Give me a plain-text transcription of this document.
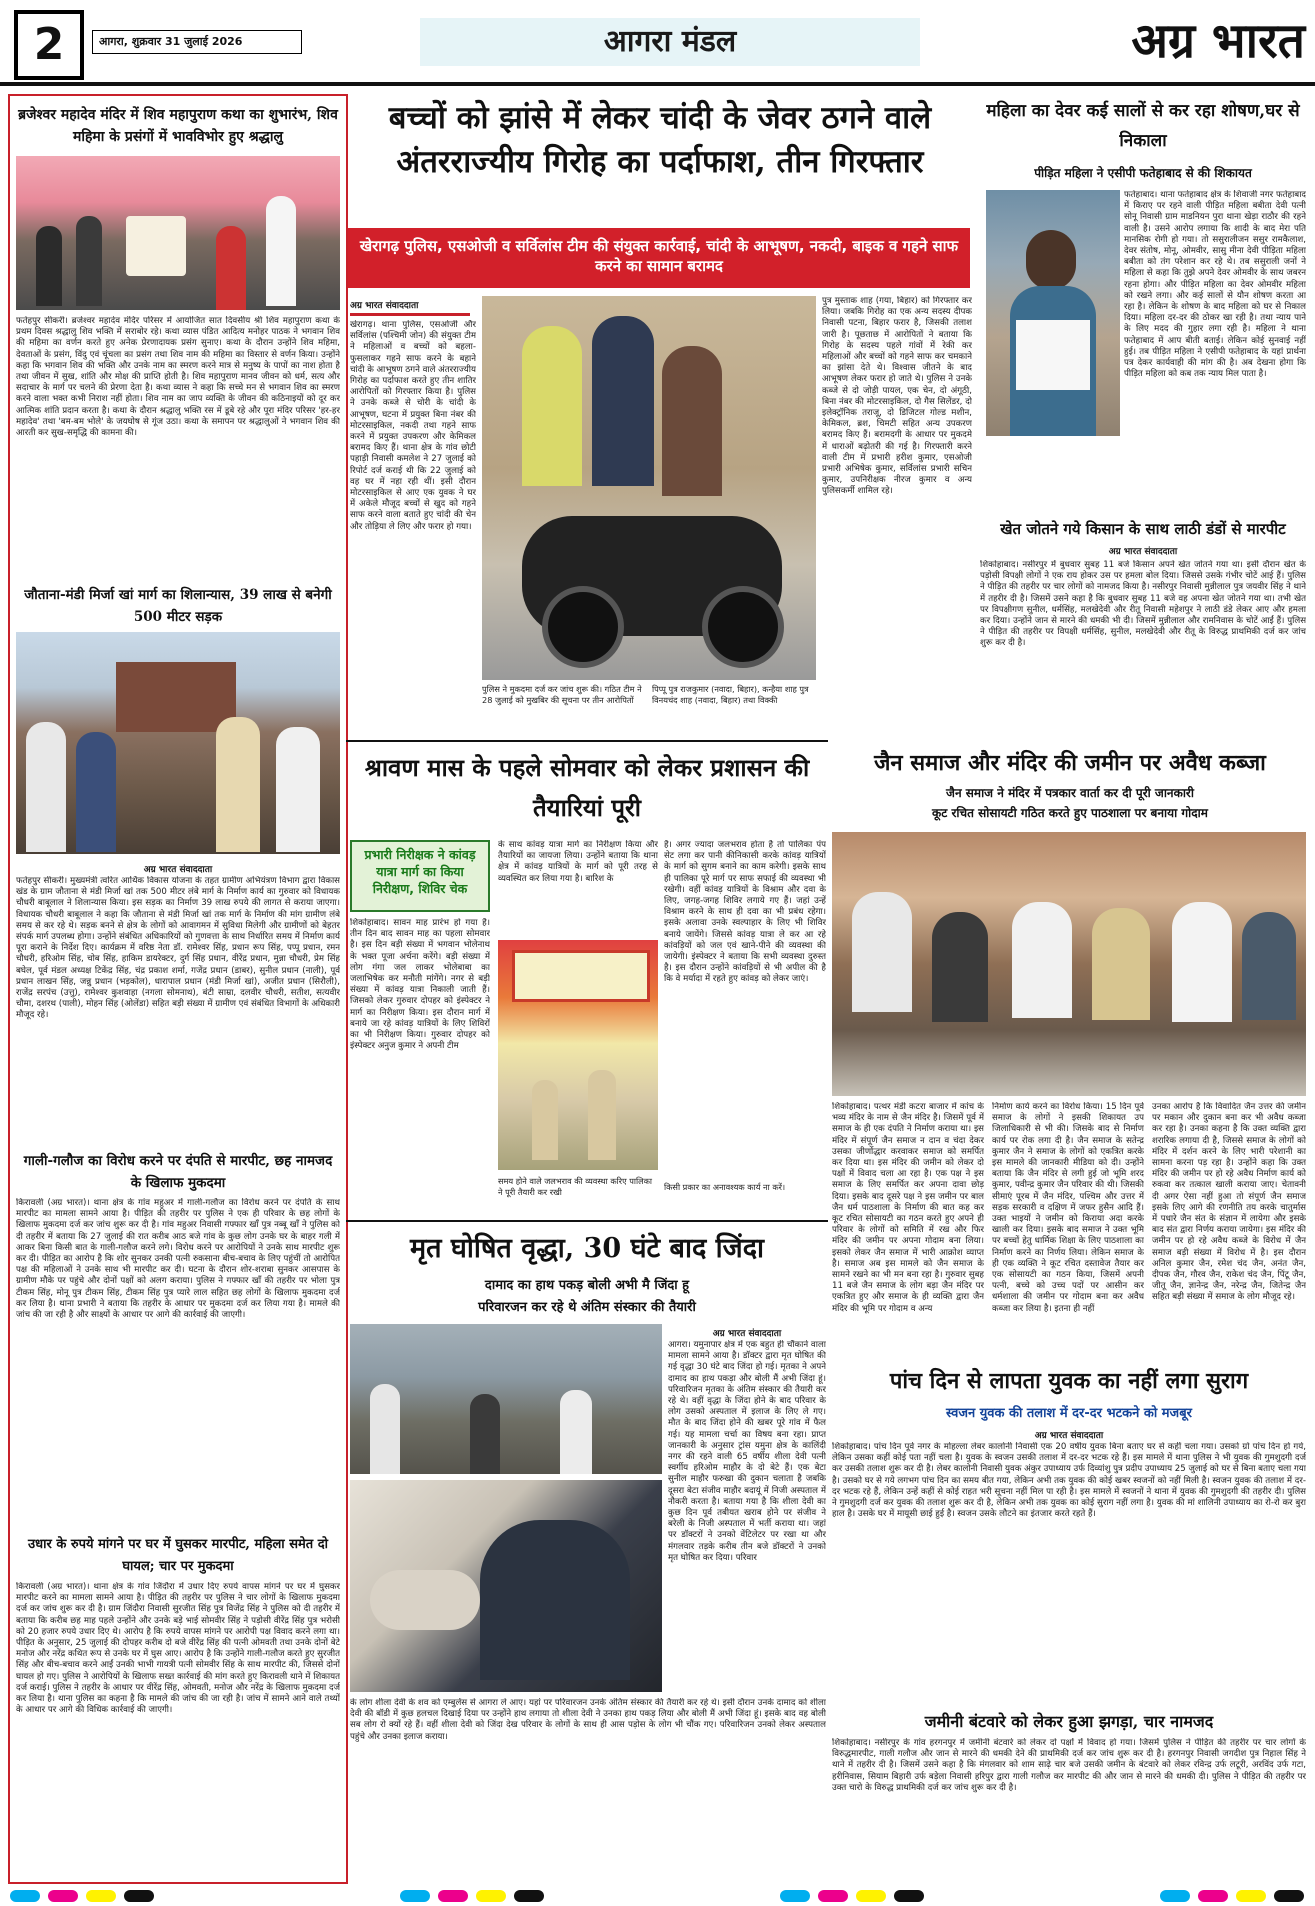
2	आगरा, शुक्रवार 31 जुलाई 2026	आगरा मंडल	अग्र भारत
ब्रजेश्वर महादेव मंदिर में शिव महापुराण कथा का शुभारंभ, शिव महिमा के प्रसंगों में भावविभोर हुए श्रद्धालु
फतेहपुर सीकरी। ब्रजेश्वर महादेव मंदिर परिसर में आयोजित सात दिवसीय श्री शिव महापुराण कथा के प्रथम दिवस श्रद्धालु शिव भक्ति में सराबोर रहे। कथा व्यास पंडित आदित्य मनोहर पाठक ने भगवान शिव की महिमा का वर्णन करते हुए अनेक प्रेरणादायक प्रसंग सुनाए। कथा के दौरान उन्होंने शिव महिमा, देवताओं के प्रसंग, विंदु एवं चूंचला का प्रसंग तथा शिव नाम की महिमा का विस्तार से वर्णन किया। उन्होंने कहा कि भगवान शिव की भक्ति और उनके नाम का स्मरण करने मात्र से मनुष्य के पापों का नाश होता है तथा जीवन में सुख, शांति और मोक्ष की प्राप्ति होती है। शिव महापुराण मानव जीवन को धर्म, सत्य और सदाचार के मार्ग पर चलने की प्रेरणा देता है। कथा व्यास ने कहा कि सच्चे मन से भगवान शिव का स्मरण करने वाला भक्त कभी निराश नहीं होता। शिव नाम का जाप व्यक्ति के जीवन की कठिनाइयों को दूर कर आत्मिक शांति प्रदान करता है। कथा के दौरान श्रद्धालु भक्ति रस में डूबे रहे और पूरा मंदिर परिसर 'हर-हर महादेव' तथा 'बम-बम भोले' के जयघोष से गूंज उठा। कथा के समापन पर श्रद्धालुओं ने भगवान शिव की आरती कर सुख-समृद्धि की कामना की।
जौताना-मंडी मिर्जा खां मार्ग का शिलान्यास, 39 लाख से बनेगी 500 मीटर सड़क
अग्र भारत संवाददाता
फतेहपुर सीकरी। मुख्यमंत्री त्वरित आर्थिक विकास योजना के तहत ग्रामीण अभियंत्रण विभाग द्वारा विकास खंड के ग्राम जौताना से मंडी मिर्जा खां तक 500 मीटर लंबे मार्ग के निर्माण कार्य का गुरुवार को विधायक चौधरी बाबूलाल ने शिलान्यास किया। इस सड़क का निर्माण 39 लाख रुपये की लागत से कराया जाएगा। विधायक चौधरी बाबूलाल ने कहा कि जौताना से मंडी मिर्जा खां तक मार्ग के निर्माण की मांग ग्रामीण लंबे समय से कर रहे थे। सड़क बनने से क्षेत्र के लोगों को आवागमन में सुविधा मिलेगी और ग्रामीणों को बेहतर संपर्क मार्ग उपलब्ध होगा। उन्होंने संबंधित अधिकारियों को गुणवत्ता के साथ निर्धारित समय में निर्माण कार्य पूरा कराने के निर्देश दिए। कार्यक्रम में वरिष्ठ नेता डॉ. रामेश्वर सिंह, प्रधान रूप सिंह, पप्पू प्रधान, रमन चौधरी, हरिओम सिंह, चोब सिंह, हाकिम डायरेक्टर, दुर्ग सिंह प्रधान, वीरेंद्र प्रधान, मुन्ना चौधरी, प्रेम सिंह बघेल, पूर्व मंडल अध्यक्ष टिकेंद्र सिंह, चंद्र प्रकाश शर्मा, गजेंद्र प्रधान (डाबर), सुनील प्रधान (नाली), पूर्व प्रधान लाखन सिंह, जन्नु प्रधान (भड़कोल), धारापाल प्रधान (मंडी मिर्जा खां), अजीत प्रधान (सिरौली), राजेंद्र सरपंच (उत्तु), रामेश्वर कुशवाहा (नगला सोमनाथ), बंटी साम्रा, दलवीर चौधरी, सतीश, सत्यवीर चौमा, दशरथ (पाली), मोहन सिंह (ओलेंडा) सहित बड़ी संख्या में ग्रामीण एवं संबंधित विभागों के अधिकारी मौजूद रहे।
गाली-गलौज का विरोध करने पर दंपति से मारपीट, छह नामजद के खिलाफ मुकदमा
किरावली (अग्र भारत)। थाना क्षेत्र के गांव महुअर में गाली-गलौज का विरोध करने पर दंपति के साथ मारपीट का मामला सामने आया है। पीड़ित की तहरीर पर पुलिस ने एक ही परिवार के छह लोगों के खिलाफ मुकदमा दर्ज कर जांच शुरू कर दी है। गांव महुअर निवासी गफ्फार खाँ पुत्र नब्बू खाँ ने पुलिस को दी तहरीर में बताया कि 27 जुलाई की रात करीब आठ बजे गांव के कुछ लोग उनके घर के बाहर गली में आकर बिना किसी बात के गाली-गलौज करने लगे। विरोध करने पर आरोपियों ने उनके साथ मारपीट शुरू कर दी। पीड़ित का आरोप है कि शोर सुनकर उनकी पत्नी रुकसाना बीच-बचाव के लिए पहुंचीं तो आरोपित पक्ष की महिलाओं ने उनके साथ भी मारपीट कर दी। घटना के दौरान शोर-शराबा सुनकर आसपास के ग्रामीण मौके पर पहुंचे और दोनों पक्षों को अलग कराया। पुलिस ने गफ्फार खाँ की तहरीर पर भोला पुत्र टीकम सिंह, मोनू पुत्र टीकम सिंह, टीकम सिंह पुत्र प्यारे लाल सहित छह लोगों के खिलाफ मुकदमा दर्ज कर लिया है। थाना प्रभारी ने बताया कि तहरीर के आधार पर मुकदमा दर्ज कर लिया गया है। मामले की जांच की जा रही है और साक्ष्यों के आधार पर आगे की कार्रवाई की जाएगी।
उधार के रुपये मांगने पर घर में घुसकर मारपीट, महिला समेत दो घायल; चार पर मुकदमा
किरावली (अग्र भारत)। थाना क्षेत्र के गांव जिंदौरा में उधार दिए रुपये वापस मांगने पर घर में घुसकर मारपीट करने का मामला सामने आया है। पीड़ित की तहरीर पर पुलिस ने चार लोगों के खिलाफ मुकदमा दर्ज कर जांच शुरू कर दी है। ग्राम जिंदौरा निवासी सुरजीत सिंह पुत्र विजेंद्र सिंह ने पुलिस को दी तहरीर में बताया कि करीब छह माह पहले उन्होंने और उनके बड़े भाई सोमवीर सिंह ने पड़ोसी वीरेंद्र सिंह पुत्र भरोसी को 20 हजार रुपये उधार दिए थे। आरोप है कि रुपये वापस मांगने पर आरोपी पक्ष विवाद करने लगा था। पीड़ित के अनुसार, 25 जुलाई की दोपहर करीब दो बजे वीरेंद्र सिंह की पत्नी ओमवती तथा उनके दोनों बेटे मनोज और नरेंद्र कथित रूप से उनके घर में घुस आए। आरोप है कि उन्होंने गाली-गलौज करते हुए सुरजीत सिंह और बीच-बचाव करने आईं उनकी भाभी गायत्री पत्नी सोमवीर सिंह के साथ मारपीट की, जिससे दोनों घायल हो गए। पुलिस ने आरोपियों के खिलाफ सख्त कार्रवाई की मांग करते हुए किरावली थाने में शिकायत दर्ज कराई। पुलिस ने तहरीर के आधार पर वीरेंद्र सिंह, ओमवती, मनोज और नरेंद्र के खिलाफ मुकदमा दर्ज कर लिया है। थाना पुलिस का कहना है कि मामले की जांच की जा रही है। जांच में सामने आने वाले तथ्यों के आधार पर आगे की विधिक कार्रवाई की जाएगी।
बच्चों को झांसे में लेकर चांदी के जेवर ठगने वाले अंतरराज्यीय गिरोह का पर्दाफाश, तीन गिरफ्तार
खेरागढ़ पुलिस, एसओजी व सर्विलांस टीम की संयुक्त कार्रवाई, चांदी के आभूषण, नकदी, बाइक व गहने साफ करने का सामान बरामद
अग्र भारत संवाददाता
खेरागढ़। थाना पुलिस, एसओजी और सर्विलांस (पश्चिमी जोन) की संयुक्त टीम ने महिलाओं व बच्चों को बहला-फुसलाकर गहने साफ करने के बहाने चांदी के आभूषण ठगने वाले अंतरराज्यीय गिरोह का पर्दाफाश करते हुए तीन शातिर आरोपितों को गिरफ्तार किया है। पुलिस ने उनके कब्जे से चोरी के चांदी के आभूषण, घटना में प्रयुक्त बिना नंबर की मोटरसाइकिल, नकदी तथा गहने साफ करने में प्रयुक्त उपकरण और केमिकल बरामद किए हैं। थाना क्षेत्र के गांव छोटी पहाड़ी निवासी कमलेश ने 27 जुलाई को रिपोर्ट दर्ज कराई थी कि 22 जुलाई को वह घर में नहा रही थीं। इसी दौरान मोटरसाइकिल से आए एक युवक ने घर में अकेले मौजूद बच्चों से खुद को गहने साफ करने वाला बताते हुए चांदी की चेन और तोड़िया ले लिए और फरार हो गया।
पुलिस ने मुकदमा दर्ज कर जांच शुरू की। गठित टीम ने 28 जुलाई को मुखबिर की सूचना पर तीन आरोपितों
पिप्पू पुत्र राजकुमार (नवादा, बिहार), कन्हैया शाह पुत्र विनयचंद शाह (नवादा, बिहार) तथा विक्की
पुत्र मुस्ताक शाह (गया, बिहार) को गिरफ्तार कर लिया। जबकि गिरोह का एक अन्य सदस्य दीपक निवासी पटना, बिहार फरार है, जिसकी तलाश जारी है। पूछताछ में आरोपितों ने बताया कि गिरोह के सदस्य पहले गांवों में रेकी कर महिलाओं और बच्चों को गहने साफ कर चमकाने का झांसा देते थे। विश्वास जीतने के बाद आभूषण लेकर फरार हो जाते थे। पुलिस ने उनके कब्जे से दो जोड़ी पायल, एक चेन, दो अंगूठी, बिना नंबर की मोटरसाइकिल, दो गैस सिलेंडर, दो इलेक्ट्रॉनिक तराजू, दो डिजिटल गोल्ड मशीन, केमिकल, ब्रश, चिमटी सहित अन्य उपकरण बरामद किए हैं। बरामदगी के आधार पर मुकदमे में धाराओं बढ़ोतरी की गई है। गिरफ्तारी करने वाली टीम में प्रभारी हरीश कुमार, एसओजी प्रभारी अभिषेक कुमार, सर्विलांस प्रभारी सचिन कुमार, उपनिरीक्षक नीरज कुमार व अन्य पुलिसकर्मी शामिल रहे।
महिला का देवर कई सालों से कर रहा शोषण,घर से निकाला
पीड़ित महिला ने एसीपी फतेहाबाद से की शिकायत
फतेहाबाद। थाना फतेहाबाद क्षेत्र के शिवाजी नगर फतेहाबाद में किराए पर रहने वाली पीड़ित महिला बबीता देवी पत्नी सोनू निवासी ग्राम माडनियन पुरा थाना खेड़ा राठौर की रहने वाली है। उसने आरोप लगाया कि शादी के बाद मेरा पति मानसिक रोगी हो गया। तो ससुरालीजन ससुर रामकैलाश, देवर संतोष, मोनू, ओमवीर, सासु मीना देवी पीड़िता महिला बबीता को तंग परेशान कर रहे थे। तब ससुराली जनों ने महिला से कहा कि तुझे अपने देवर ओमवीर के साथ जबरन रहना होगा। और पीड़ित महिला का देवर ओमवीर महिला को रखने लगा। और कई सालों से यौन शोषण करता आ रहा है। लेकिन के शोषण के बाद महिला को घर से निकाल दिया। महिला दर-दर की ठोकर खा रही है। तथा न्याय पाने के लिए मदद की गुहार लगा रही है। महिला ने थाना फतेहाबाद में आप बीती बताई। लेकिन कोई सुनवाई नहीं हुई। तब पीड़ित महिला ने एसीपी फतेहाबाद के यहां प्रार्थना पत्र देकर कार्यवाही की मांग की है। अब देखना होगा कि पीड़ित महिला को कब तक न्याय मिल पाता है।
खेत जोतने गये किसान के साथ लाठी डंडों से मारपीट
अग्र भारत संवाददाता
शिकोहाबाद। नसीरपुर में बुधवार सुबह 11 बजे किसान अपने खेत जोतने गया था। इसी दौरान खेत के पड़ोसी विपक्षी लोगों ने एक राय होकर उस पर हमला बोल दिया। जिससे उसके गंभीर चोटें आई हैं। पुलिस ने पीड़ित की तहरीर पर चार लोगों को नामजद किया है। नसीरपुर निवासी मुन्नीलाल पुत्र जयवीर सिंह ने थाने में तहरीर दी है। जिसमें उसने कहा है कि बुधवार सुबह 11 बजे वह अपना खेत जोतने गया था। तभी खेत पर विपक्षीगण सुनील, धर्मसिंह, मलखेदेवी और रीतू निवासी महेशपुर ने लाठी डंडे लेकर आए और हमला कर दिया। उन्होंने जान से मारने की धमकी भी दी। जिसमें मुन्नीलाल और रामनिवास के चोटें आईं हैं। पुलिस ने पीड़ित की तहरीर पर विपक्षी धर्मसिंह, सुनील, मलखेदेवी और रीतू के विरुद्ध प्राथमिकी दर्ज कर जांच शुरू कर दी है।
श्रावण मास के पहले सोमवार को लेकर प्रशासन की तैयारियां पूरी
प्रभारी निरीक्षक ने कांवड़ यात्रा मार्ग का किया निरीक्षण, शिविर चेक
शिकोहाबाद। सावन माह प्रारंभ हो गया है। तीन दिन बाद सावन माह का पहला सोमवार है। इस दिन बड़ी संख्या में भगवान भोलेनाथ के भक्त पूजा अर्चना करेंगे। बड़ी संख्या में लोग गंगा जल लाकर भोलेबाबा का जलाभिषेक कर मनौती मांगेंगे। नगर से बड़ी संख्या में कांवड़ यात्रा निकाली जाती हैं। जिसको लेकर गुरुवार दोपहर को इंस्पेक्टर ने मार्ग का निरीक्षण किया। इस दौरान मार्ग में बनाये जा रहे कांवड़ यात्रियों के लिए शिविरों का भी निरीक्षण किया। गुरुवार दोपहर को इंस्पेक्टर अनुज कुमार ने अपनी टीम
के साथ कांवड़ यात्रा मार्ग का निरीक्षण किया और तैयारियों का जायजा लिया। उन्होंने बताया कि थाना क्षेत्र में कांवड़ यात्रियों के मार्ग को पूरी तरह से व्यवस्थित कर लिया गया है। बारिश के
है। अगर ज्यादा जलभराव होता है तो पालिका पंप सेट लगा कर पानी कीनिकासी करके कांवड़ यात्रियों के मार्ग को सुगम बनाने का काम करेगी। इसके साथ ही पालिका पूरे मार्ग पर साफ सफाई की व्यवस्था भी रखेगी। वहीं कांवड़ यात्रियों के विश्राम और दवा के लिए, जगह-जगह शिविर लगाये गए हैं। जहां उन्हें विश्राम करने के साथ ही दवा का भी प्रबंध रहेगा। इसके अलावा उनके स्वल्पाहार के लिए भी शिविर बनाये जायेंगे। जिससे कांवड़ यात्रा ले कर आ रहे कांवड़ियों को जल एवं खाने-पीने की व्यवस्था की जायेगी। इंस्पेक्टर ने बताया कि सभी व्यवस्था दुरुस्त है। इस दौरान उन्होंने कांवड़ियों से भी अपील की है कि वे मर्यादा में रहते हुए कांवड़ को लेकर जाएं।
समय होने वाले जलभराव की व्यवस्था करिए पालिका ने पूरी तैयारी कर रखी	किसी प्रकार का अनावश्यक कार्य ना करें।
जैन समाज और मंदिर की जमीन पर अवैध कब्जा
जैन समाज ने मंदिर में पत्रकार वार्ता कर दी पूरी जानकारी
कूट रचित सोसायटी गठित करते हुए पाठशाला पर बनाया गोदाम
शिकोहाबाद। पत्थर मंडी कटरा बाजार में कांच के भव्य मंदिर के नाम से जैन मंदिर है। जिसमें पूर्व में समाज के ही एक दंपति ने निर्माण कराया था। इस मंदिर में संपूर्ण जैन समाज न दान व चंदा देकर उसका जीर्णोद्धार करवाकर समाज को समर्पित कर दिया था। इस मंदिर की जमीन को लेकर दो पक्षों में विवाद चला आ रहा है। एक पक्ष ने इस समाज के लिए समर्पित कर अपना दावा छोड़ दिया। इसके बाद दूसरे पक्ष ने इस जमीन पर बाल जैन धर्म पाठशाला के निर्माण की बात कह कर कूट रचित सोसायटी का गठन करते हुए अपने ही परिवार के लोगों को समिति में रख और फिर मंदिर की जमीन पर अपना गोदाम बना लिया। इसको लेकर जैन समाज में भारी आक्रोश व्याप्त है। समाज अब इस मामले को जैन समाज के सामने रखने का भी मन बना रहा है। गुरुवार सुबह 11 बजे जैन समाज के लोग बड़ा जैन मंदिर पर एकत्रित हुए और समाज के ही व्यक्ति द्वारा जैन मंदिर की भूमि पर गोदाम व अन्य
निर्माण कार्य करने का विरोध किया। 15 दिन पूर्व समाज के लोगों ने इसकी शिकायत उप जिलाधिकारी से भी की। जिसके बाद से निर्माण कार्य पर रोक लगा दी है। जैन समाज के सतेन्द्र कुमार जैन ने समाज के लोगों को एकत्रित करके इस मामले की जानकारी मीडिया को दी। उन्होंने बताया कि जैन मंदिर से लगी हुई जो भूमि शरद कुमार, पवीन्द्र कुमार जैन परिवार की थी। जिसकी सीमाएं पूरब में जैन मंदिर, पश्चिम और उत्तर में सड़क सरकारी व दक्षिण में जफर हुसैन आदि हैं। उक्त भाइयों ने जमीन को किराया अदा करके खाली कर दिया। इसके बाद समाज ने उक्त भूमि पर बच्चों हेतु धार्मिक शिक्षा के लिए पाठशाला का निर्माण करने का निर्णय लिया। लेकिन समाज के ही एक व्यक्ति ने कूट रचित दस्तावेज तैयार कर एक सोसायटी का गठन किया, जिसमें अपनी पत्नी, बच्चे को उच्च पदों पर आसीन कर धर्मशाला की जमीन पर गोदाम बना कर अवैध कब्जा कर लिया है। इतना ही नहीं
उनका आरोप है कि विवादित जैन उत्तर की जमीन पर मकान और दुकान बना कर भी अवैध कब्जा कर रहा है। उनका कहना है कि उक्त व्यक्ति द्वारा शरारिक लगाया दी है, जिससे समाज के लोगों को मंदिर में दर्शन करने के लिए भारी परेशानी का सामना करना पड़ रहा है। उन्होंने कहा कि उक्त मंदिर की जमीन पर हो रहे अवैध निर्माण कार्य को रुकवा कर तत्काल खाली कराया जाए। चेतावनी दी अगर ऐसा नहीं हुआ तो संपूर्ण जैन समाज इसके लिए आगे की रणनीति तय करके चातुर्मास में पधारे जैन संत के संज्ञान में लायेगा और इसके बाद संत द्वारा निर्णय कराया जायेगा। इस मंदिर की जमीन पर हो रहे अवैध कब्जे के विरोध में जैन समाज बड़ी संख्या में विरोध में है। इस दौरान अनिल कुमार जैन, रमेश चंद जैन, अनंत जैन, दीपक जैन, गौरव जैन, राकेश चंद जैन, पिंटू जैन, जीतू जैन, ज्ञानेन्द्र जैन, नरेन्द्र जैन, जितेन्द्र जैन सहित बड़ी संख्या में समाज के लोग मौजूद रहे।
मृत घोषित वृद्धा, 30 घंटे बाद जिंदा
दामाद का हाथ पकड़ बोली अभी मै जिंदा हू
परिवारजन कर रहे थे अंतिम संस्कार की तैयारी
अग्र भारत संवाददाता
आगरा। यमुनापार क्षेत्र में एक बहुत ही चौंकाने वाला मामला सामने आया है। डॉक्टर द्वारा मृत घोषित की गई वृद्धा 30 घंटे बाद जिंदा हो गई। मृतका ने अपने दामाद का हाथ पकड़ा और बोली मैं अभी जिंदा हूं। परिवारिजन मृतका के अंतिम संस्कार की तैयारी कर रहे थे। वहीं वृद्धा के जिंदा होने के बाद परिवार के लोग उसको अस्पताल में इलाज के लिए ले गए। मौत के बाद जिंदा होने की खबर पूरे गांव में फैल गई। यह मामला चर्चा का विषय बना रहा। प्राप्त जानकारी के अनुसार ट्रांस यमुना क्षेत्र के कालिंदी नगर की रहने वाली 65 वर्षीय शीला देवी पत्नी स्वर्गीय हरिओम माहौर के दो बेटे हैं। एक बेटा सुनील माहौर फरुखा की दुकान चलाता है जबकि दूसरा बेटा संजीव माहौर बदायूं में निजी अस्पताल में नौकरी करता है। बताया गया है कि शीला देवी का कुछ दिन पूर्व तबीयत खराब होने पर संजीव ने बरेली के निजी अस्पताल में भर्ती कराया था। जहां पर डॉक्टरों ने उनको वेंटिलेटर पर रखा था और मंगलवार तड़के करीब तीन बजे डॉक्टरों ने उनको मृत घोषित कर दिया। परिवार
के लोग शीला देवी के शव को एम्बुलेंस से आगरा ले आए। यहां पर परिवारजन उनके अंतिम संस्कार की तैयारी कर रहे थे। इसी दौरान उनके दामाद को शीला देवी की बॉडी में कुछ हलचल दिखाई दिया पर उन्होंने हाथ लगाया तो शीला देवी ने उनका हाथ पकड़ लिया और बोली मैं अभी जिंदा हूं। इसके बाद वह बोली सब लोग रो क्यों रहे हैं। वहीं शीला देवी को जिंदा देख परिवार के लोगों के साथ ही आस पड़ोस के लोग भी चौंक गए। परिवारिजन उनको लेकर अस्पताल पहुंचे और उनका इलाज कराया।
पांच दिन से लापता युवक का नहीं लगा सुराग
स्वजन युवक की तलाश में दर-दर भटकने को मजबूर
अग्र भारत संवाददाता
शिकोहाबाद। पांच दिन पूर्व नगर के मोहल्ला लेबर कालोनी निवासी एक 20 वर्षीय युवक बिना बताए घर से कहीं चला गया। उसको ग्रो पांच दिन हो गये, लेकिन उसका कहीं कोई पता नहीं चला है। युवक के स्वजन उसकी तलाश में दर-दर भटक रहे हैं। इस मामले में थाना पुलिस ने भी युवक की गुमशुदगी दर्ज कर उसकी तलाश शुरू कर दी है। लेबर कालोनी निवासी युवक अंकुर उपाध्याय उर्फ दिव्यांशु पुत्र प्रदीप उपाध्याय 25 जुलाई को घर से बिना बताए चला गया है। उसको घर से गये लगभग पांच दिन का समय बीत गया, लेकिन अभी तक युवक की कोई खबर स्वजनों को नहीं मिली है। स्वजन युवक की तलाश में दर-दर भटक रहे हैं, लेकिन उन्हें कहीं से कोई राहत भरी सूचना नहीं मिल पा रही है। इस मामले में स्वजनों ने थाना में युवक की गुमशुदगी की तहरीर दी। पुलिस ने गुमशुदगी दर्ज कर युवक की तलाश शुरू कर दी है, लेकिन अभी तक युवक का कोई सुराग नहीं लगा है। युवक की मां शालिनी उपाध्याय का रो-रो कर बुरा हाल है। उसके घर में मायूसी छाई हुई है। स्वजन उसके लौटने का इंतजार करते रहते हैं।
जमीनी बंटवारे को लेकर हुआ झगड़ा, चार नामजद
शिकोहाबाद। नसीरपुर के गांव हरगनपुर में जमीनी बंटवारे को लेकर दो पक्षों में विवाद हो गया। जिसमें पुलिस ने पीड़ित की तहरीर पर चार लोगों के विरुद्धमारपीट, गाली गलौज और जान से मारने की धमकी देने की प्राथमिकी दर्ज कर जांच शुरू कर दी है। हरगनपुर निवासी जगदीश पुत्र निहाल सिंह ने थाने में तहरीर दी है। जिसमें उसने कहा है कि मंगलवार को शाम साढ़े चार बजे उसकी जमीन के बंटवारे को लेकर रविन्द्र उर्फ लटूरी, अरविंद उर्फ गटा, हरीनिवास, सियाम बिहारी उर्फ बड़ेला निवासी हरिपुर द्वारा गाली गलौज कर मारपीट की और जान से मारने की धमकी दी। पुलिस ने पीड़ित की तहरीर पर उक्त चारो के विरुद्ध प्राथमिकी दर्ज कर जांच शुरू कर दी है।
